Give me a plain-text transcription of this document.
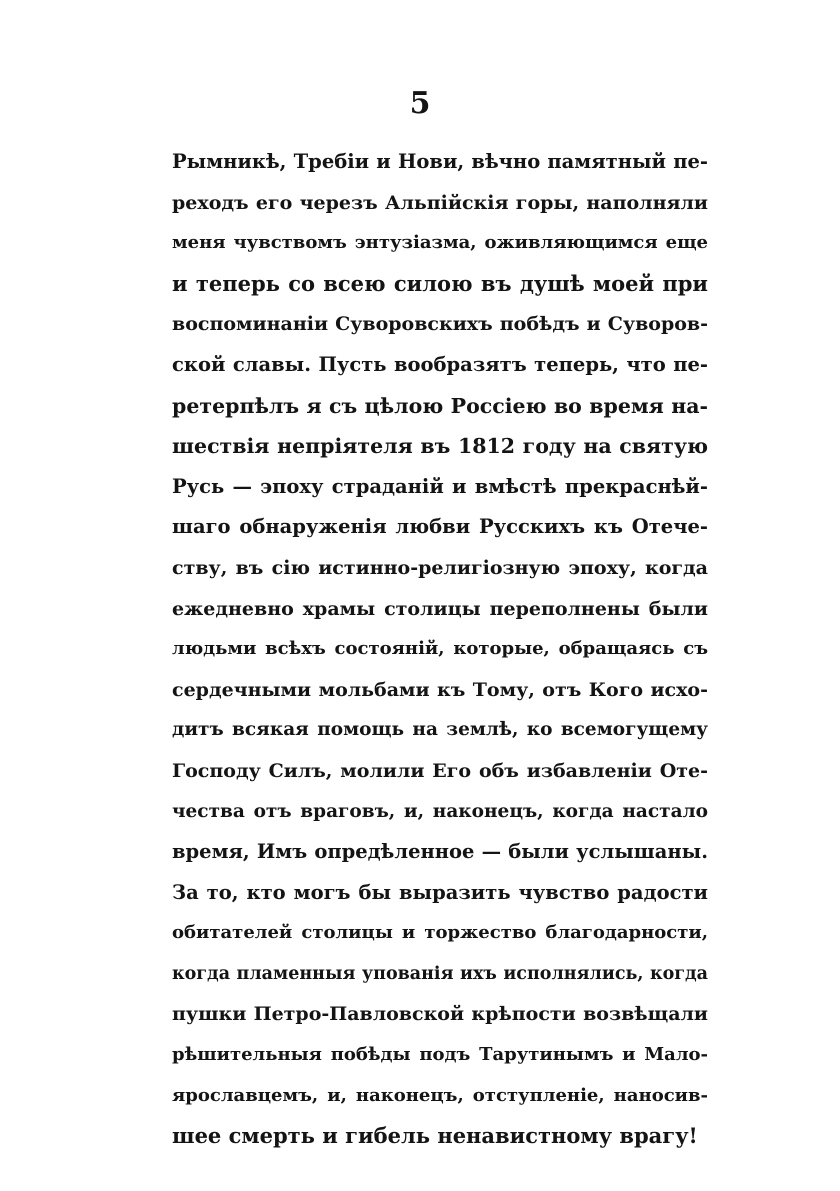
5
Рымникѣ, Требіи и Нови, вѣчно памятный пе-
реходъ его черезъ Альпійскія горы, наполняли
меня чувствомъ энтузіазма, оживляющимся еще
и теперь со всею силою въ душѣ моей при
воспоминаніи Суворовскихъ побѣдъ и Суворов-
ской славы. Пусть вообразятъ теперь, что пе-
ретерпѣлъ я съ цѣлою Россіею во время на-
шествія непріятеля въ 1812 году на святую
Русь — эпоху страданій и вмѣстѣ прекраснѣй-
шаго обнаруженія любви Русскихъ къ Отече-
ству, въ сію истинно-религіозную эпоху, когда
ежедневно храмы столицы переполнены были
людьми всѣхъ состояній, которые, обращаясь съ
сердечными мольбами къ Тому, отъ Кого исхо-
дитъ всякая помощь на землѣ, ко всемогущему
Господу Силъ, молили Его объ избавленіи Оте-
чества отъ враговъ, и, наконецъ, когда настало
время, Имъ опредѣленное — были услышаны.
За то, кто могъ бы выразить чувство радости
обитателей столицы и торжество благодарности,
когда пламенныя упованія ихъ исполнялись, когда
пушки Петро-Павловской крѣпости возвѣщали
рѣшительныя побѣды подъ Тарутинымъ и Мало-
ярославцемъ, и, наконецъ, отступленіе, наносив-
шее смерть и гибель ненавистному врагу!
